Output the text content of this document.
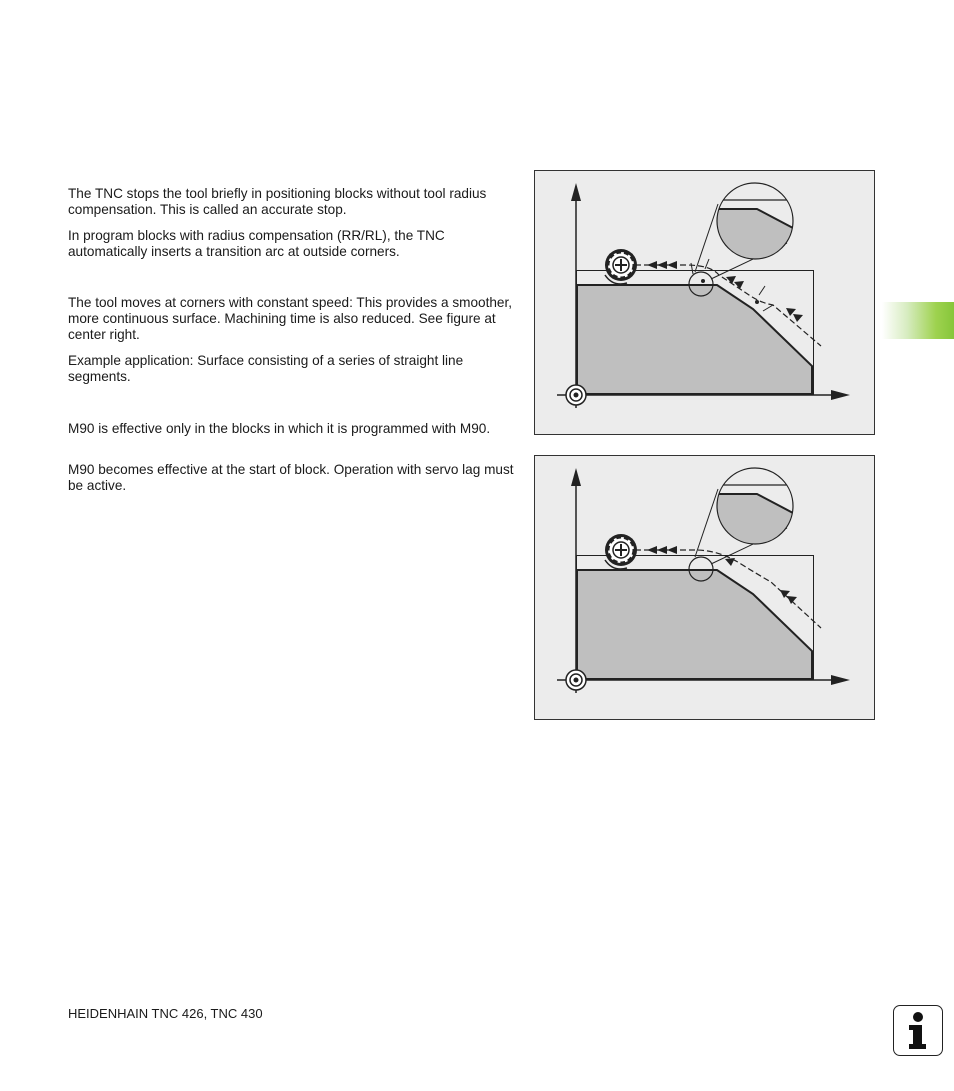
The TNC stops the tool briefly in positioning blocks without tool radius compensation. This is called an accurate stop.

In program blocks with radius compensation (RR/RL), the TNC automatically inserts a transition arc at outside corners.

The tool moves at corners with constant speed: This provides a smoother, more continuous surface. Machining time is also reduced. See figure at center right.

Example application: Surface consisting of a series of straight line segments.

M90 is effective only in the blocks in which it is programmed with M90.

M90 becomes effective at the start of block. Operation with servo lag must be active.

HEIDENHAIN TNC 426, TNC 430
